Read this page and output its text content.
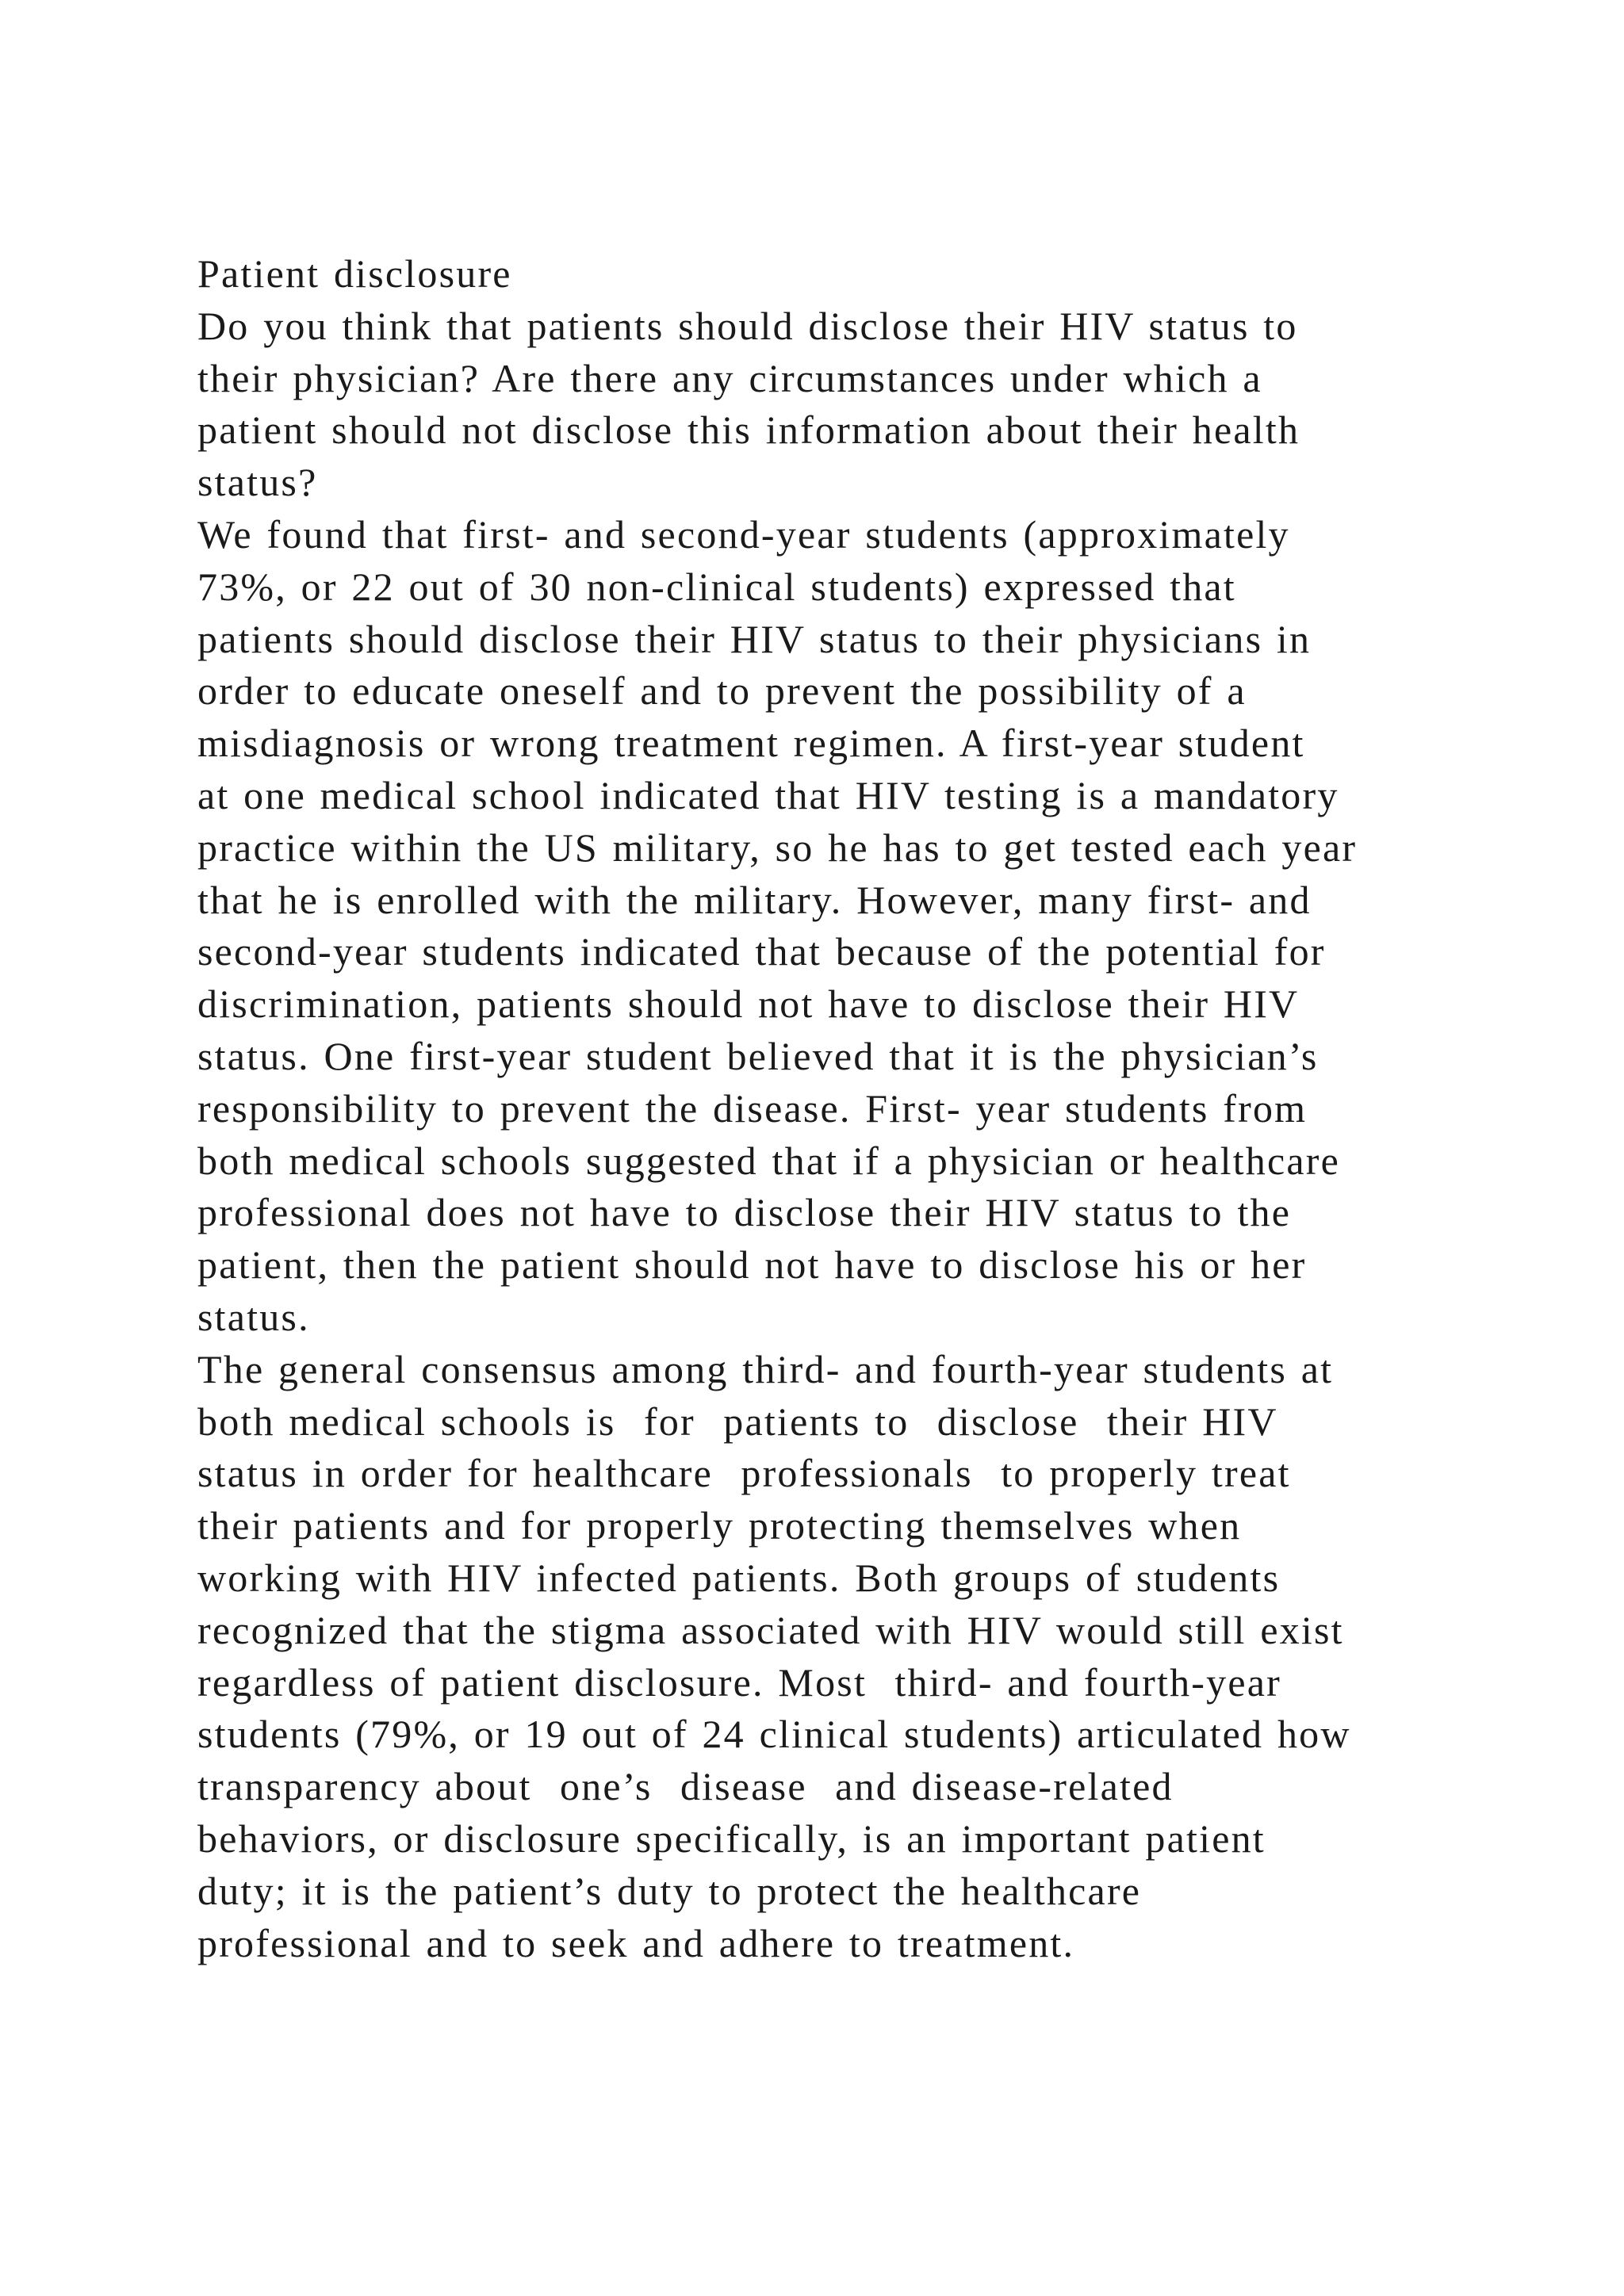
Patient disclosure
Do you think that patients should disclose their HIV status to
their physician? Are there any circumstances under which a
patient should not disclose this information about their health
status?
We found that first- and second-year students (approximately
73%, or 22 out of 30 non-clinical students) expressed that
patients should disclose their HIV status to their physicians in
order to educate oneself and to prevent the possibility of a
misdiagnosis or wrong treatment regimen. A first-year student
at one medical school indicated that HIV testing is a mandatory
practice within the US military, so he has to get tested each year
that he is enrolled with the military. However, many first- and
second-year students indicated that because of the potential for
discrimination, patients should not have to disclose their HIV
status. One first-year student believed that it is the physician’s
responsibility to prevent the disease. First- year students from
both medical schools suggested that if a physician or healthcare
professional does not have to disclose their HIV status to the
patient, then the patient should not have to disclose his or her
status.
The general consensus among third- and fourth-year students at
both medical schools is  for  patients to  disclose  their HIV
status in order for healthcare  professionals  to properly treat
their patients and for properly protecting themselves when
working with HIV infected patients. Both groups of students
recognized that the stigma associated with HIV would still exist
regardless of patient disclosure. Most  third- and fourth-year
students (79%, or 19 out of 24 clinical students) articulated how
transparency about  one’s  disease  and disease-related
behaviors, or disclosure specifically, is an important patient
duty; it is the patient’s duty to protect the healthcare
professional and to seek and adhere to treatment.
